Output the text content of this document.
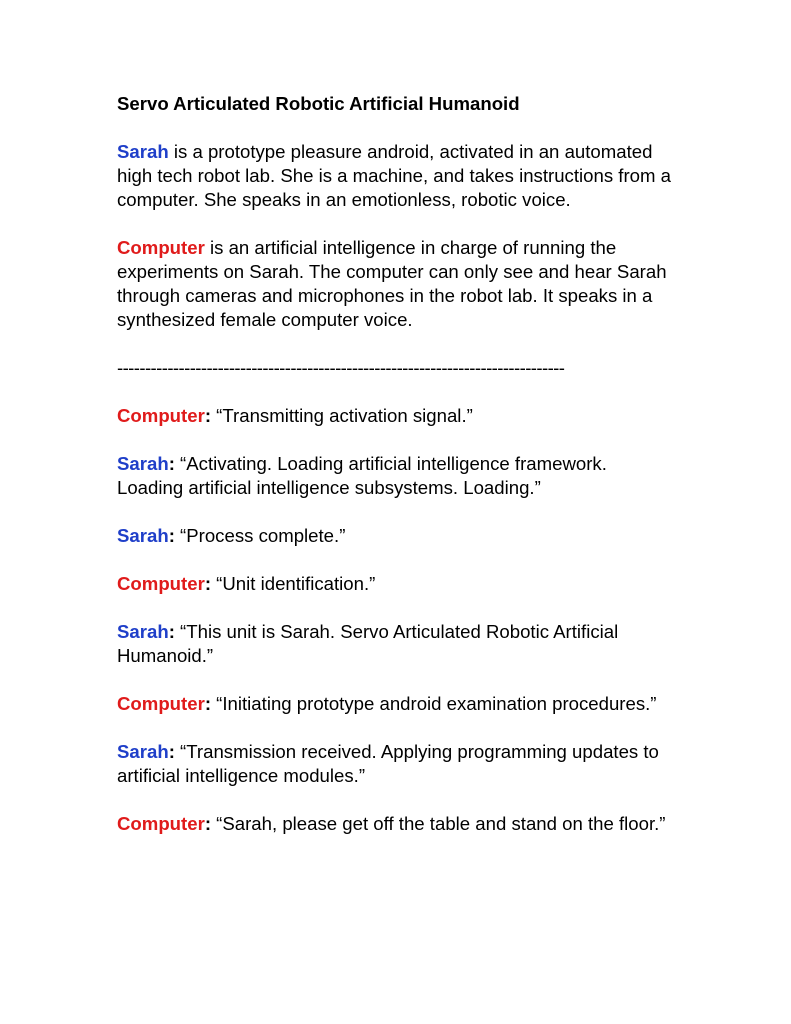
Servo Articulated Robotic Artificial Humanoid

Sarah is a prototype pleasure android, activated in an automated high tech robot lab. She is a machine, and takes instructions from a computer. She speaks in an emotionless, robotic voice.

Computer is an artificial intelligence in charge of running the experiments on Sarah. The computer can only see and hear Sarah through cameras and microphones in the robot lab. It speaks in a synthesized female computer voice.

--------------------------------------------------------------------------------

Computer: “Transmitting activation signal.”

Sarah: “Activating. Loading artificial intelligence framework. Loading artificial intelligence subsystems. Loading.”

Sarah: “Process complete.”

Computer: “Unit identification.”

Sarah: “This unit is Sarah. Servo Articulated Robotic Artificial Humanoid.”

Computer: “Initiating prototype android examination procedures.”

Sarah: “Transmission received. Applying programming updates to artificial intelligence modules.”

Computer: “Sarah, please get off the table and stand on the floor.”
